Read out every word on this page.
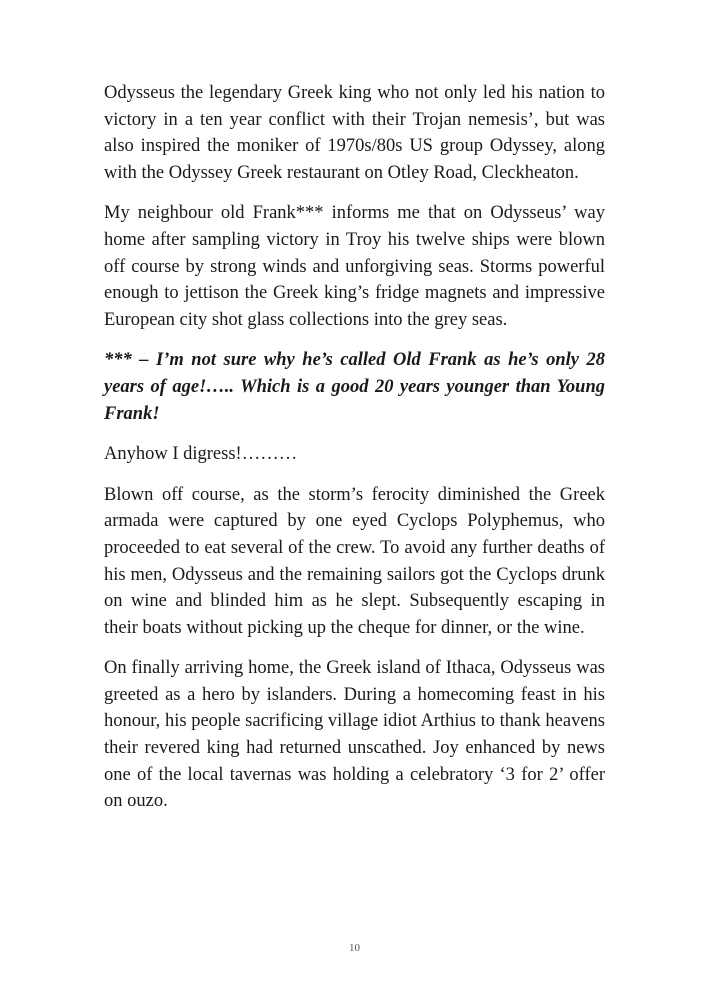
Odysseus the legendary Greek king who not only led his nation to victory in a ten year conflict with their Trojan nemesis’, but was also inspired the moniker of 1970s/80s US group Odyssey, along with the Odyssey Greek restaurant on Otley Road, Cleckheaton.

My neighbour old Frank*** informs me that on Odysseus’ way home after sampling victory in Troy his twelve ships were blown off course by strong winds and unforgiving seas. Storms powerful enough to jettison the Greek king’s fridge magnets and impressive European city shot glass collections into the grey seas.

*** – I’m not sure why he’s called Old Frank as he’s only 28 years of age!….. Which is a good 20 years younger than Young Frank!

Anyhow I digress!………

Blown off course, as the storm’s ferocity diminished the Greek armada were captured by one eyed Cyclops Polyphemus, who proceeded to eat several of the crew. To avoid any further deaths of his men, Odysseus and the remaining sailors got the Cyclops drunk on wine and blinded him as he slept. Subsequently escaping in their boats without picking up the cheque for dinner, or the wine.

On finally arriving home, the Greek island of Ithaca, Odysseus was greeted as a hero by islanders. During a homecoming feast in his honour, his people sacrificing village idiot Arthius to thank heavens their revered king had returned unscathed. Joy enhanced by news one of the local tavernas was holding a celebratory ‘3 for 2’ offer on ouzo.

10
